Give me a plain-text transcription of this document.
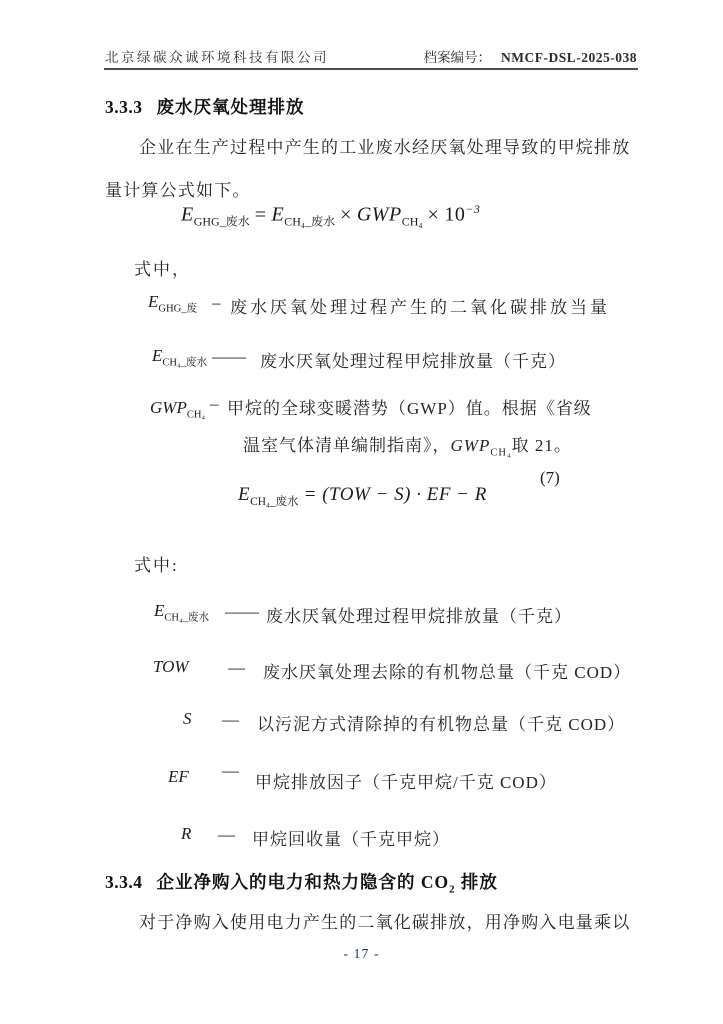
北京绿碳众诚环境科技有限公司	档案编号： NMCF-DSL-2025-038
3.3.3 废水厌氧处理排放
企业在生产过程中产生的工业废水经厌氧处理导致的甲烷排放
量计算公式如下。
$E_{GHG\_废水} = E_{CH_4\_废水} \times GWP_{CH_4} \times 10^{-3}$
式中，
$E_{GHG\_废}$ – 废水厌氧处理过程产生的二氧化碳排放当量
$E_{CH_4\_废水}$ —— 废水厌氧处理过程甲烷排放量（千克）
$GWP_{CH_4}$
– 甲烷的全球变暖潜势（GWP）值。根据《省级
温室气体清单编制指南》，$GWP_{CH_4}$取 21。
$E_{CH_4\_废水} = (TOW - S)$ · EF − R
(7)
式中:
$E_{CH_4\_废水}$ —— 废水厌氧处理过程甲烷排放量（千克）
TOW — 废水厌氧处理去除的有机物总量（千克 COD）
S — 以污泥方式清除掉的有机物总量（千克 COD）
EF —
甲烷排放因子（千克甲烷/千克 COD）
R — 甲烷回收量（千克甲烷）
3.3.4 企业净购入的电力和热力隐含的 $CO_2$ 排放
对于净购入使用电力产生的二氧化碳排放，用净购入电量乘以
- 17 -
